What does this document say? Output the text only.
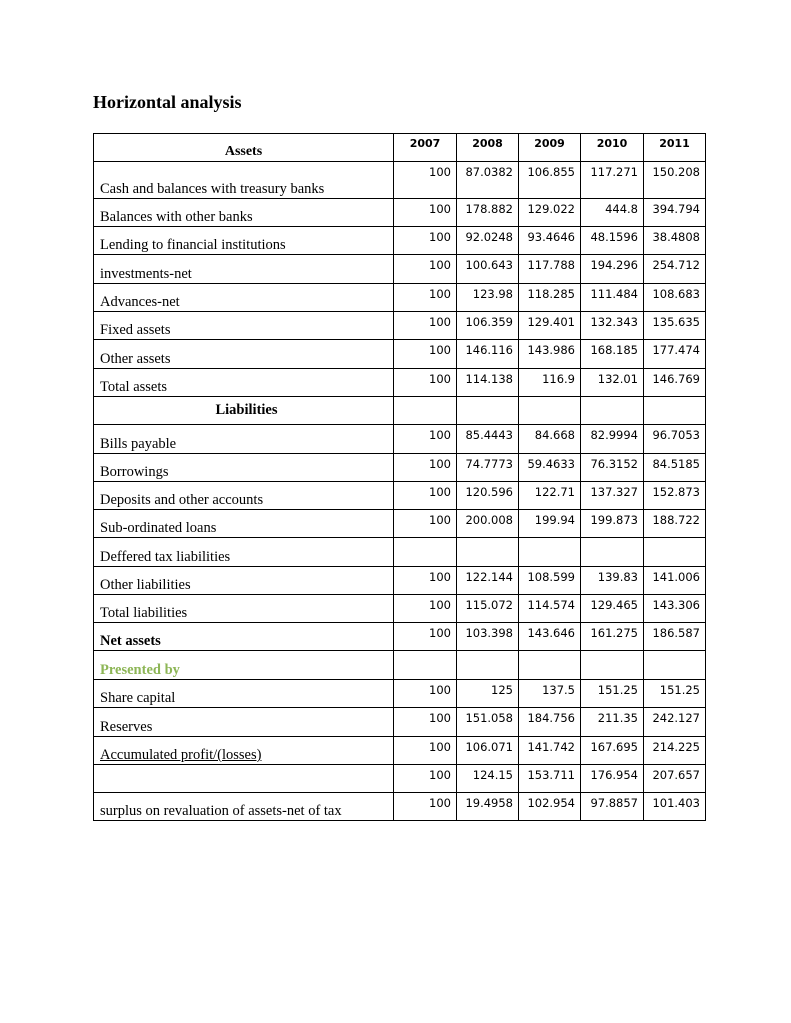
Horizontal analysis
Assets	2007	2008	2009	2010	2011
Cash and balances with treasury banks	100	87.0382	106.855	117.271	150.208
Balances with other banks	100	178.882	129.022	444.8	394.794
Lending to financial institutions	100	92.0248	93.4646	48.1596	38.4808
investments-net	100	100.643	117.788	194.296	254.712
Advances-net	100	123.98	118.285	111.484	108.683
Fixed assets	100	106.359	129.401	132.343	135.635
Other assets	100	146.116	143.986	168.185	177.474
Total assets	100	114.138	116.9	132.01	146.769
Liabilities					
Bills payable	100	85.4443	84.668	82.9994	96.7053
Borrowings	100	74.7773	59.4633	76.3152	84.5185
Deposits and other accounts	100	120.596	122.71	137.327	152.873
Sub-ordinated loans	100	200.008	199.94	199.873	188.722
Deffered tax liabilities					
Other liabilities	100	122.144	108.599	139.83	141.006
Total liabilities	100	115.072	114.574	129.465	143.306
Net assets	100	103.398	143.646	161.275	186.587
Presented by					
Share capital	100	125	137.5	151.25	151.25
Reserves	100	151.058	184.756	211.35	242.127
Accumulated profit/(losses)	100	106.071	141.742	167.695	214.225
	100	124.15	153.711	176.954	207.657
surplus on revaluation of assets-net of tax	100	19.4958	102.954	97.8857	101.403
